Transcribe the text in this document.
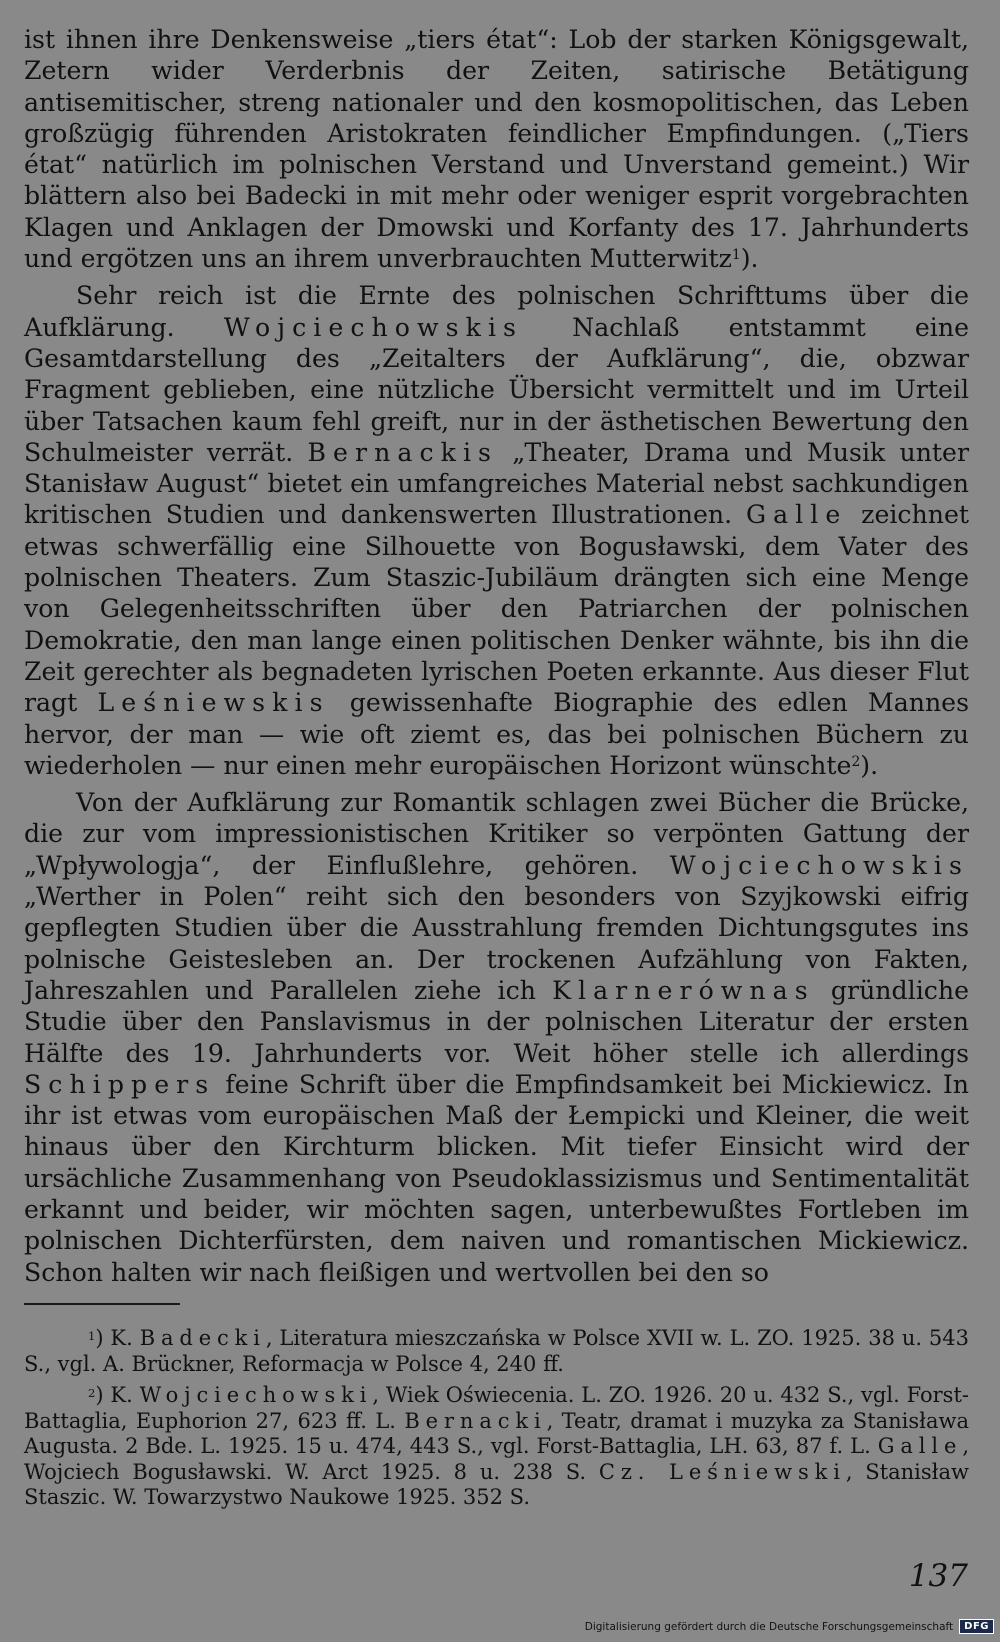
ist ihnen ihre Denkensweise „tiers état“: Lob der starken Königsgewalt, Zetern wider Verderbnis der Zeiten, satirische Betätigung antisemitischer, streng nationaler und den kosmopolitischen, das Leben großzügig führenden Aristokraten feindlicher Empfindungen. („Tiers état“ natürlich im polnischen Verstand und Unverstand gemeint.) Wir blättern also bei Badecki in mit mehr oder weniger esprit vorgebrachten Klagen und Anklagen der Dmowski und Korfanty des 17. Jahrhunderts und ergötzen uns an ihrem unverbrauchten Mutterwitz$^1$).

Sehr reich ist die Ernte des polnischen Schrifttums über die Aufklärung. Wojciechowskis Nachlaß entstammt eine Gesamtdarstellung des „Zeitalters der Aufklärung“, die, obzwar Fragment geblieben, eine nützliche Übersicht vermittelt und im Urteil über Tatsachen kaum fehl greift, nur in der ästhetischen Bewertung den Schulmeister verrät. Bernackis „Theater, Drama und Musik unter Stanisław August“ bietet ein umfangreiches Material nebst sachkundigen kritischen Studien und dankenswerten Illustrationen. Galle zeichnet etwas schwerfällig eine Silhouette von Bogusławski, dem Vater des polnischen Theaters. Zum Staszic-Jubiläum drängten sich eine Menge von Gelegenheitsschriften über den Patriarchen der polnischen Demokratie, den man lange einen politischen Denker wähnte, bis ihn die Zeit gerechter als begnadeten lyrischen Poeten erkannte. Aus dieser Flut ragt Leśniewskis gewissenhafte Biographie des edlen Mannes hervor, der man — wie oft ziemt es, das bei polnischen Büchern zu wiederholen — nur einen mehr europäischen Horizont wünschte$^2$).

Von der Aufklärung zur Romantik schlagen zwei Bücher die Brücke, die zur vom impressionistischen Kritiker so verpönten Gattung der „Wpływologja“, der Einflußlehre, gehören. Wojciechowskis „Werther in Polen“ reiht sich den besonders von Szyjkowski eifrig gepflegten Studien über die Ausstrahlung fremden Dichtungsgutes ins polnische Geistesleben an. Der trockenen Aufzählung von Fakten, Jahreszahlen und Parallelen ziehe ich Klarnerównas gründliche Studie über den Panslavismus in der polnischen Literatur der ersten Hälfte des 19. Jahrhunderts vor. Weit höher stelle ich allerdings Schippers feine Schrift über die Empfindsamkeit bei Mickiewicz. In ihr ist etwas vom europäischen Maß der Łempicki und Kleiner, die weit hinaus über den Kirchturm blicken. Mit tiefer Einsicht wird der ursächliche Zusammenhang von Pseudoklassizismus und Sentimentalität erkannt und beider, wir möchten sagen, unterbewußtes Fortleben im polnischen Dichterfürsten, dem naiven und romantischen Mickiewicz. Schon halten wir nach fleißigen und wertvollen bei den so

$^1$) K. Badecki, Literatura mieszczańska w Polsce XVII w. L. ZO. 1925. 38 u. 543 S., vgl. A. Brückner, Reformacja w Polsce 4, 240 ff.

$^2$) K. Wojciechowski, Wiek Oświecenia. L. ZO. 1926. 20 u. 432 S., vgl. Forst-Battaglia, Euphorion 27, 623 ff. L. Bernacki, Teatr, dramat i muzyka za Stanisława Augusta. 2 Bde. L. 1925. 15 u. 474, 443 S., vgl. Forst-Battaglia, LH. 63, 87 f. L. Galle, Wojciech Bogusławski. W. Arct 1925. 8 u. 238 S. Cz. Leśniewski, Stanisław Staszic. W. Towarzystwo Naukowe 1925. 352 S.

137
Digitalisierung gefördert durch die Deutsche Forschungsgemeinschaft	DFG
